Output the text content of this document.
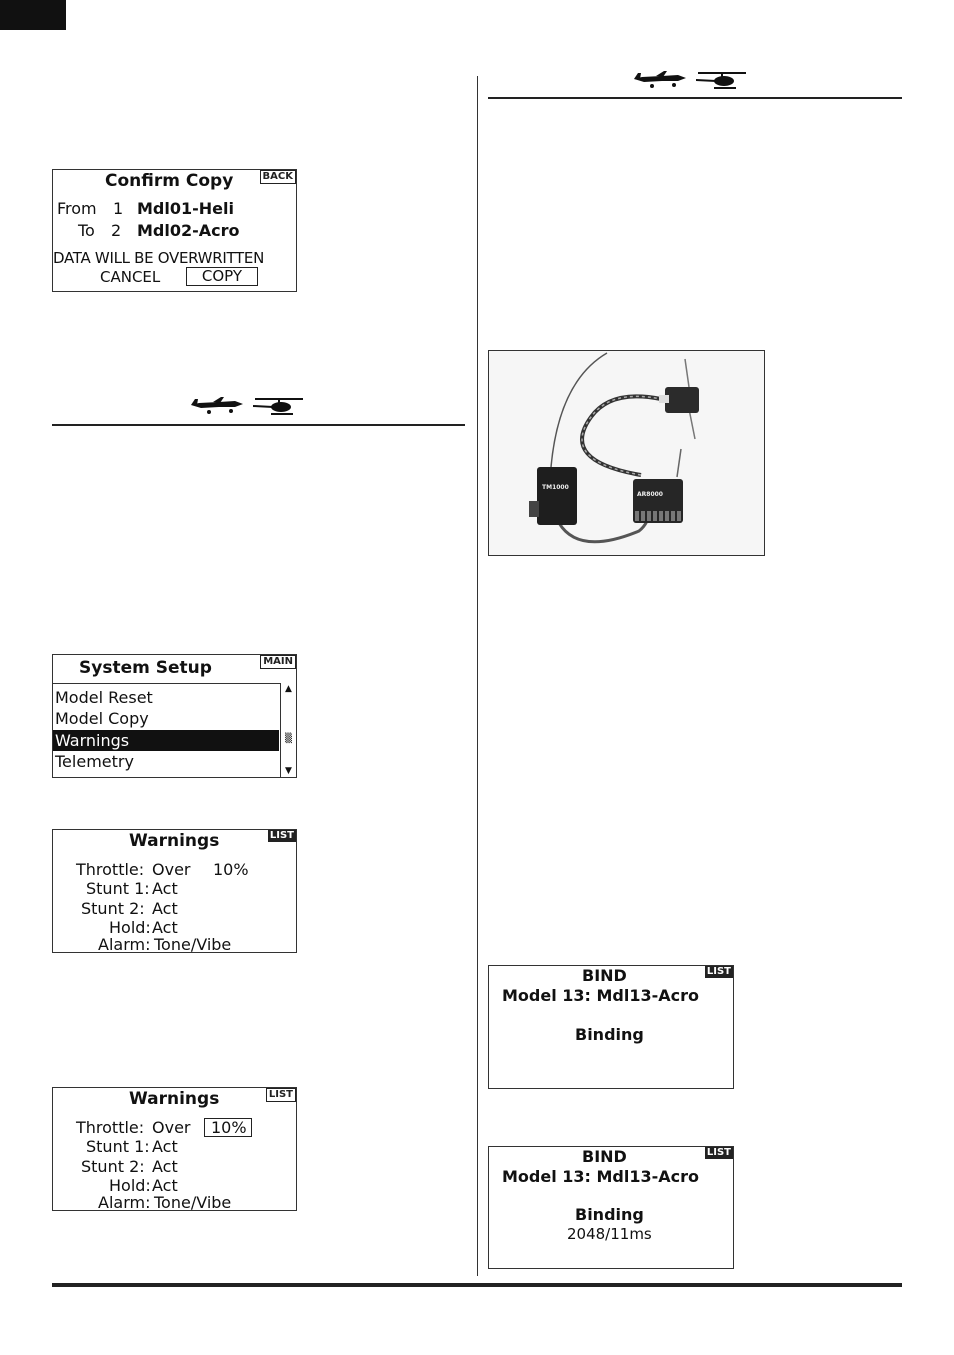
Confirm Copy	BACK
From 1 Mdl01-Heli
To 2 Mdl02-Acro
DATA WILL BE OVERWRITTEN
CANCEL	COPY
System Setup	MAIN
Model Reset
Model Copy
Warnings
Telemetry
▲
▒
▼
Warnings	LIST
Throttle: Over 10%
Stunt 1: Act
Stunt 2: Act
Hold: Act
Alarm: Tone/Vibe
Warnings	LIST
Throttle: Over	10%
Stunt 1: Act
Stunt 2: Act
Hold: Act
Alarm: Tone/Vibe
TM1000
AR8000
BIND	LIST
Model 13: Mdl13-Acro
Binding
BIND	LIST
Model 13: Mdl13-Acro
Binding
2048/11ms
